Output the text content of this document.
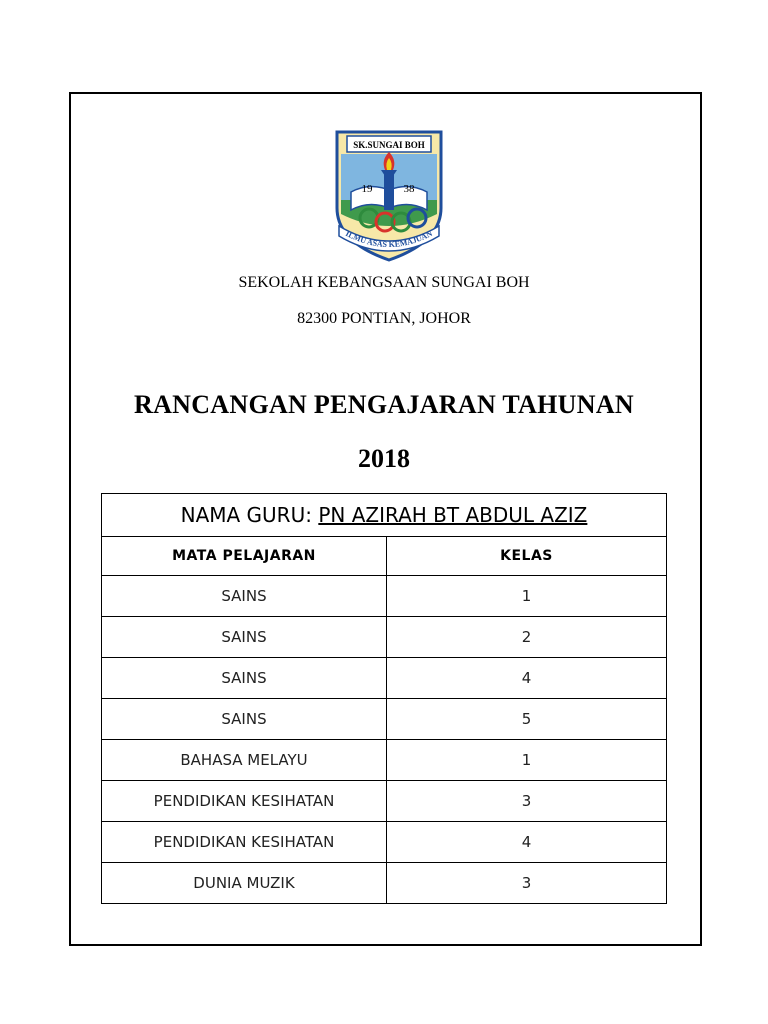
SK.SUNGAI BOH
19	38
ILMU ASAS KEMAJUAN
SEKOLAH KEBANGSAAN SUNGAI BOH
82300 PONTIAN, JOHOR
RANCANGAN PENGAJARAN TAHUNAN
2018
NAMA GURU: PN AZIRAH BT ABDUL AZIZ	
MATA PELAJARAN	KELAS
SAINS	1
SAINS	2
SAINS	4
SAINS	5
BAHASA MELAYU	1
PENDIDIKAN KESIHATAN	3
PENDIDIKAN KESIHATAN	4
DUNIA MUZIK	3
